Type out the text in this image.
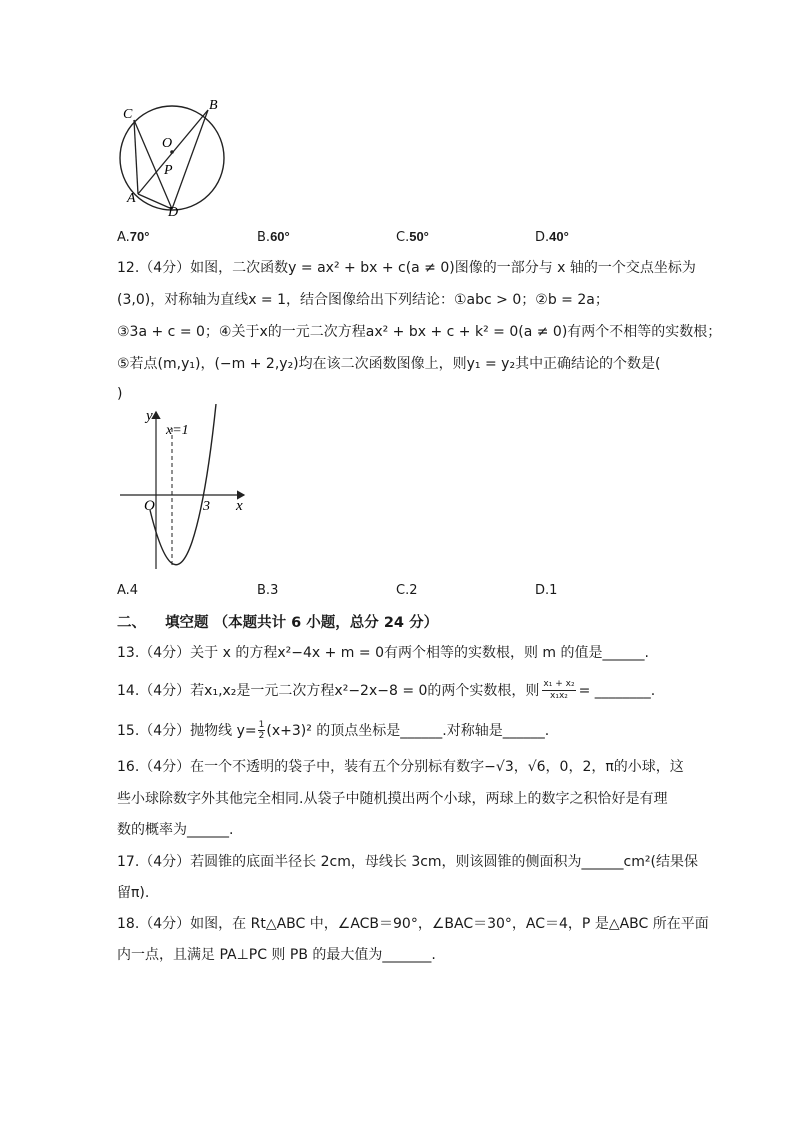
B
C
O
P
A
D
A.70°	B.60°	C.50°	D.40°
12.（4分）如图，二次函数y = ax² + bx + c(a ≠ 0)图像的一部分与 x 轴的一个交点坐标为
(3,0)，对称轴为直线x = 1，结合图像给出下列结论：①abc > 0；②b = 2a；
③3a + c = 0；④关于x的一元二次方程ax² + bx + c + k² = 0(a ≠ 0)有两个不相等的实数根；
⑤若点(m,y₁)，(−m + 2,y₂)均在该二次函数图像上，则y₁ = y₂其中正确结论的个数是(
)
y
x
O	3
x=1
A.4	B.3	C.2	D.1
二、 填空题 （本题共计 6 小题，总分 24 分）
13.（4分）关于 x 的方程x²−4x + m = 0有两个相等的实数根，则 m 的值是______.
14.（4分）若x₁,x₂是一元二次方程x²−2x−8 = 0的两个实数根，则 $\frac{\text{x₁ + x₂}}{\text{x₁x₂}}$ = ________.
15.（4分）抛物线 $y= \frac{1}{2} (x+3)^2$ 的顶点坐标是______.对称轴是______.
16.（4分）在一个不透明的袋子中，装有五个分别标有数字−√3，√6，0，2，π的小球，这
些小球除数字外其他完全相同.从袋子中随机摸出两个小球，两球上的数字之积恰好是有理
数的概率为______.
17.（4分）若圆锥的底面半径长 2cm，母线长 3cm，则该圆锥的侧面积为______cm²(结果保
留π).
18.（4分）如图，在 Rt△ABC 中，∠ACB＝90°，∠BAC＝30°，AC＝4，P 是△ABC 所在平面
内一点，且满足 PA⊥PC 则 PB 的最大值为_______.
